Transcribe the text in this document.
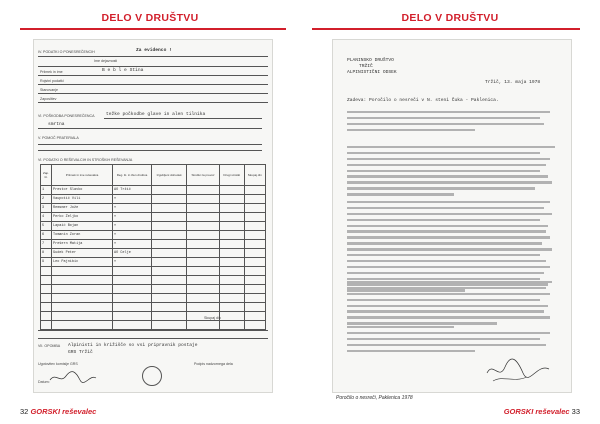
DELO V DRUŠTVU
Za evidenco !
IV. PODATKI O PONESREČENCIH
Ime dejavnosti
Priimek in ime	B e b l e Stina
Rojstni podatki
Stanovanje
Zaposlitev
VI. POŠKODBA PONESREČENCA težke počkodbe glave in alen tilnika
smrtna
V. POMOČ PRATERIALA
VI. PODATKI O REŠEVALCIH IN STROŠKIH REŠEVANJA
Zap. št.	Priimek in ime reševalca	Reg. št. in člen društva	Izgubljeni dohodek	Stroški za prevoz	Drugi stroški	Skupaj din
1	Prestor Slavko	AO Tržič				
2	Vaupotič Vili	»				
3	Remsmer Jože	»				
4	Perko Željko	»				
5	Lapaić Bojan	»				
6	Tomanin Zoran	»				
7	Prešern Matija	»				
8	Gudek Peter	AO Celje				
9	Leo Pajnibic	»				

Skupaj din
VII. OPOMBA Alpinisti in križišče so vsi pripravnik postaje
GRS Tržič
Ugotovitev komisije GRS	Podpis nadzornega dela
Datum:
32 GORSKI reševalec
DELO V DRUŠTVU
PLANINSKO DRUŠTVO
TRŽIČ
ALPINISTIČNI ODSEK
Tržič, 13. maja 1978
Zadeva: Poročilo o nesreči v N. steni Čuka - Paklenica.
Poročilo o nesreči, Paklenica 1978
GORSKI reševalec 33
